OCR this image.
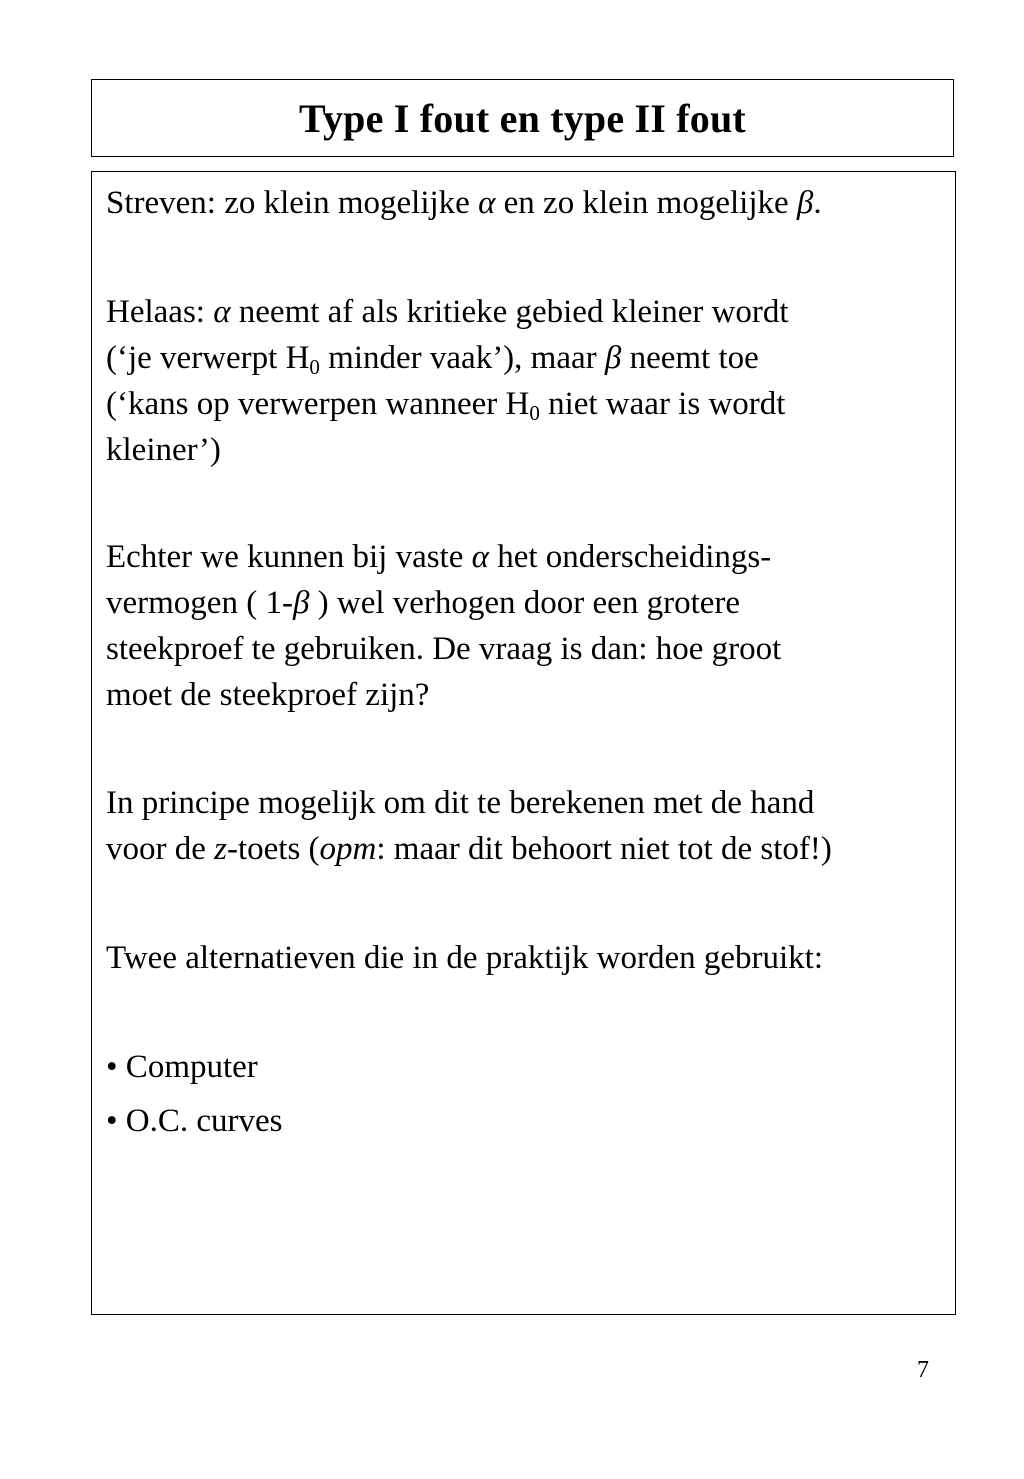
Type I fout en type II fout

Streven: zo klein mogelijke α en zo klein mogelijke β.

Helaas: α neemt af als kritieke gebied kleiner wordt
(‘je verwerpt $H_0$ minder vaak’), maar β neemt toe
(‘kans op verwerpen wanneer $H_0$ niet waar is wordt
kleiner’)
Echter we kunnen bij vaste α het onderscheidings-
vermogen ( 1-β ) wel verhogen door een grotere
steekproef te gebruiken. De vraag is dan: hoe groot
moet de steekproef zijn?
In principe mogelijk om dit te berekenen met de hand
voor de z-toets (opm: maar dit behoort niet tot de stof!)

Twee alternatieven die in de praktijk worden gebruikt:

• Computer
• O.C. curves
7
